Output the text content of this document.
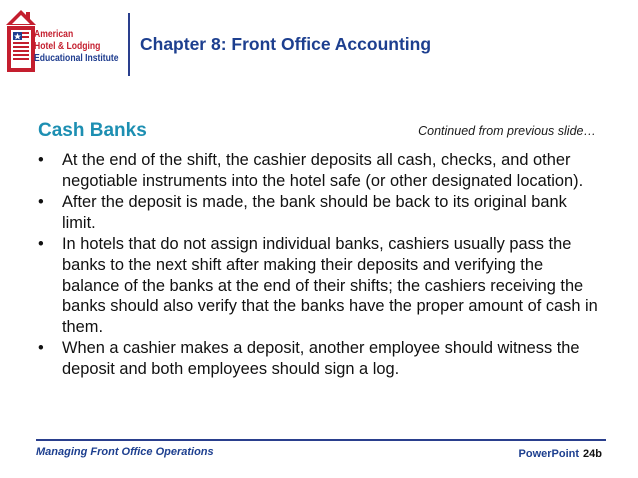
American
Hotel & Lodging
Educational Institute
Chapter 8: Front Office Accounting
Cash Banks	Continued from previous slide…
• At the end of the shift, the cashier deposits all cash, checks, and other negotiable instruments into the hotel safe (or other designated location).
• After the deposit is made, the bank should be back to its original bank limit.
• In hotels that do not assign individual banks, cashiers usually pass the banks to the next shift after making their deposits and verifying the balance of the banks at the end of their shifts; the cashiers receiving the banks should also verify that the banks have the proper amount of cash in them.
• When a cashier makes a deposit, another employee should witness the deposit and both employees should sign a log.
Managing Front Office Operations	PowerPoint 24b
